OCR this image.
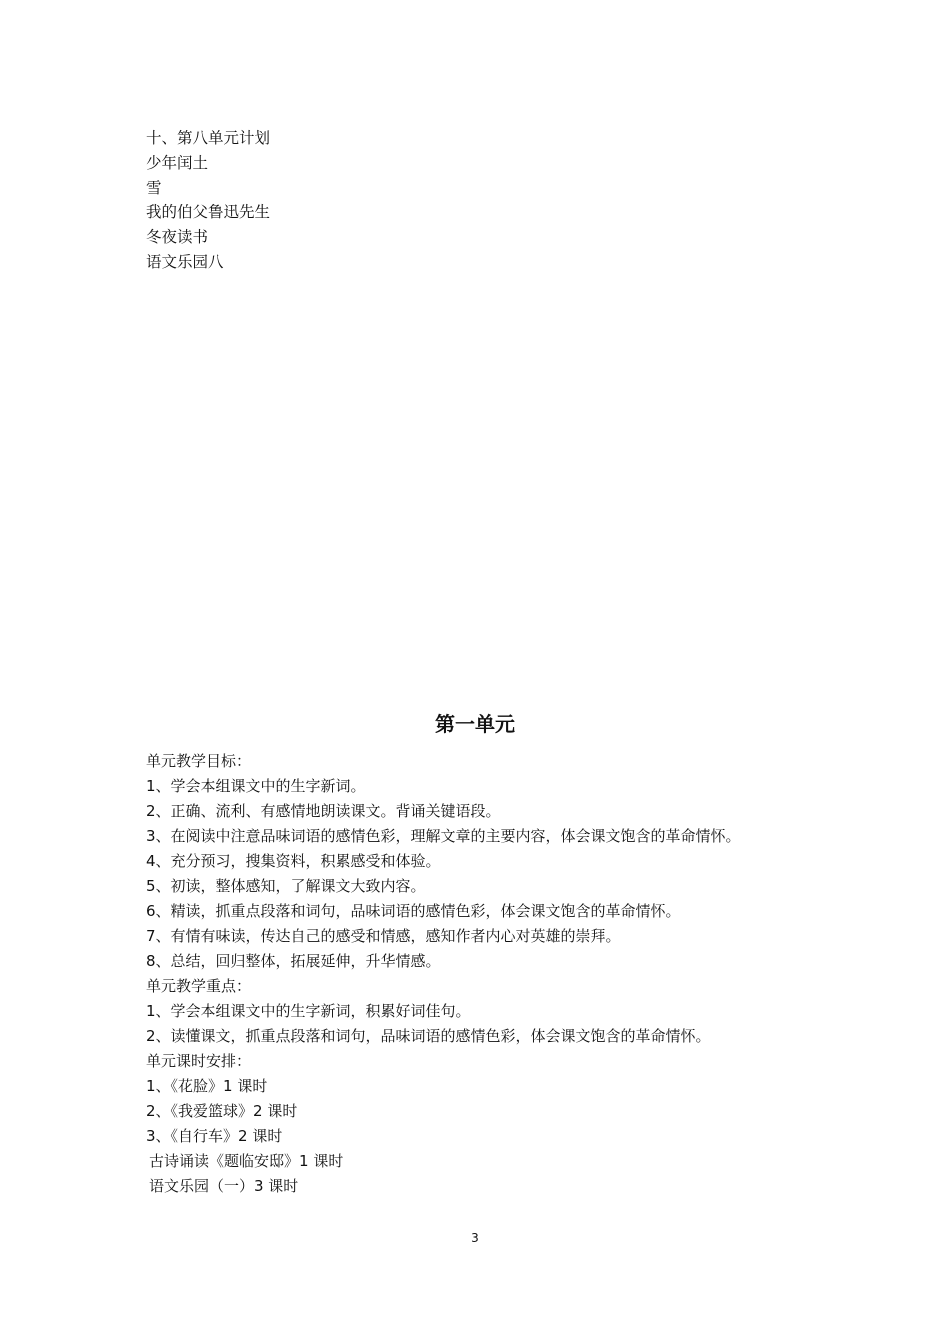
十、第八单元计划
少年闰土
雪
我的伯父鲁迅先生
冬夜读书
语文乐园八
第一单元
单元教学目标：
1、学会本组课文中的生字新词。
2、正确、流利、有感情地朗读课文。背诵关键语段。
3、在阅读中注意品味词语的感情色彩，理解文章的主要内容，体会课文饱含的革命情怀。
4、充分预习，搜集资料，积累感受和体验。
5、初读，整体感知，了解课文大致内容。
6、精读，抓重点段落和词句，品味词语的感情色彩，体会课文饱含的革命情怀。
7、有情有味读，传达自己的感受和情感，感知作者内心对英雄的崇拜。
8、总结，回归整体，拓展延伸，升华情感。
单元教学重点：
1、学会本组课文中的生字新词，积累好词佳句。
2、读懂课文，抓重点段落和词句，品味词语的感情色彩，体会课文饱含的革命情怀。
单元课时安排：
1、《花脸》1 课时
2、《我爱篮球》2 课时
3、《自行车》2 课时
古诗诵读《题临安邸》1 课时
语文乐园（一）3 课时
3
